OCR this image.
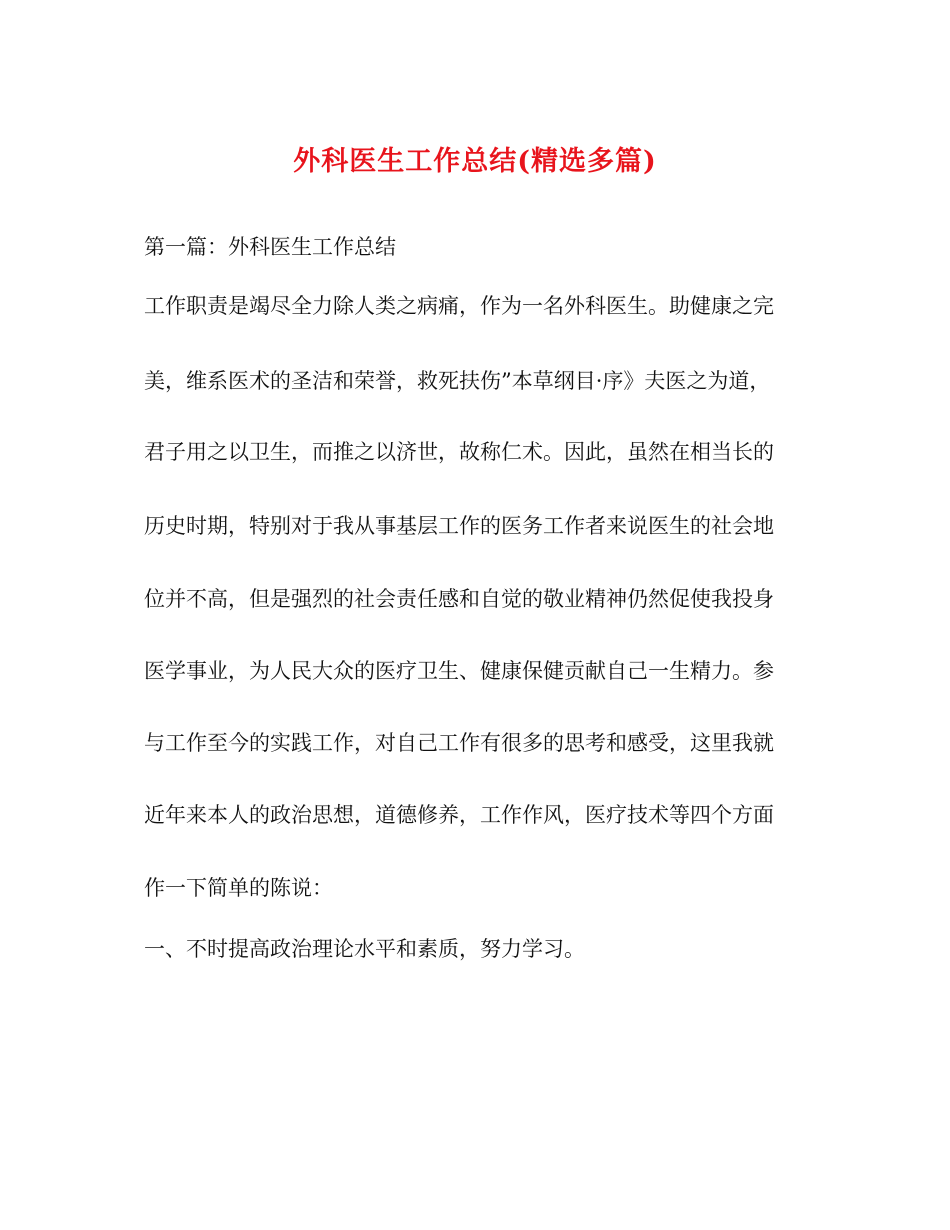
外科医生工作总结(精选多篇)

第一篇：外科医生工作总结

工作职责是竭尽全力除人类之病痛，作为一名外科医生。助健康之完

美，维系医术的圣洁和荣誉，救死扶伤”本草纲目·序》夫医之为道，

君子用之以卫生，而推之以济世，故称仁术。因此，虽然在相当长的

历史时期，特别对于我从事基层工作的医务工作者来说医生的社会地

位并不高，但是强烈的社会责任感和自觉的敬业精神仍然促使我投身

医学事业，为人民大众的医疗卫生、健康保健贡献自己一生精力。参

与工作至今的实践工作，对自己工作有很多的思考和感受，这里我就

近年来本人的政治思想，道德修养，工作作风，医疗技术等四个方面

作一下简单的陈说：

一、不时提高政治理论水平和素质，努力学习。
